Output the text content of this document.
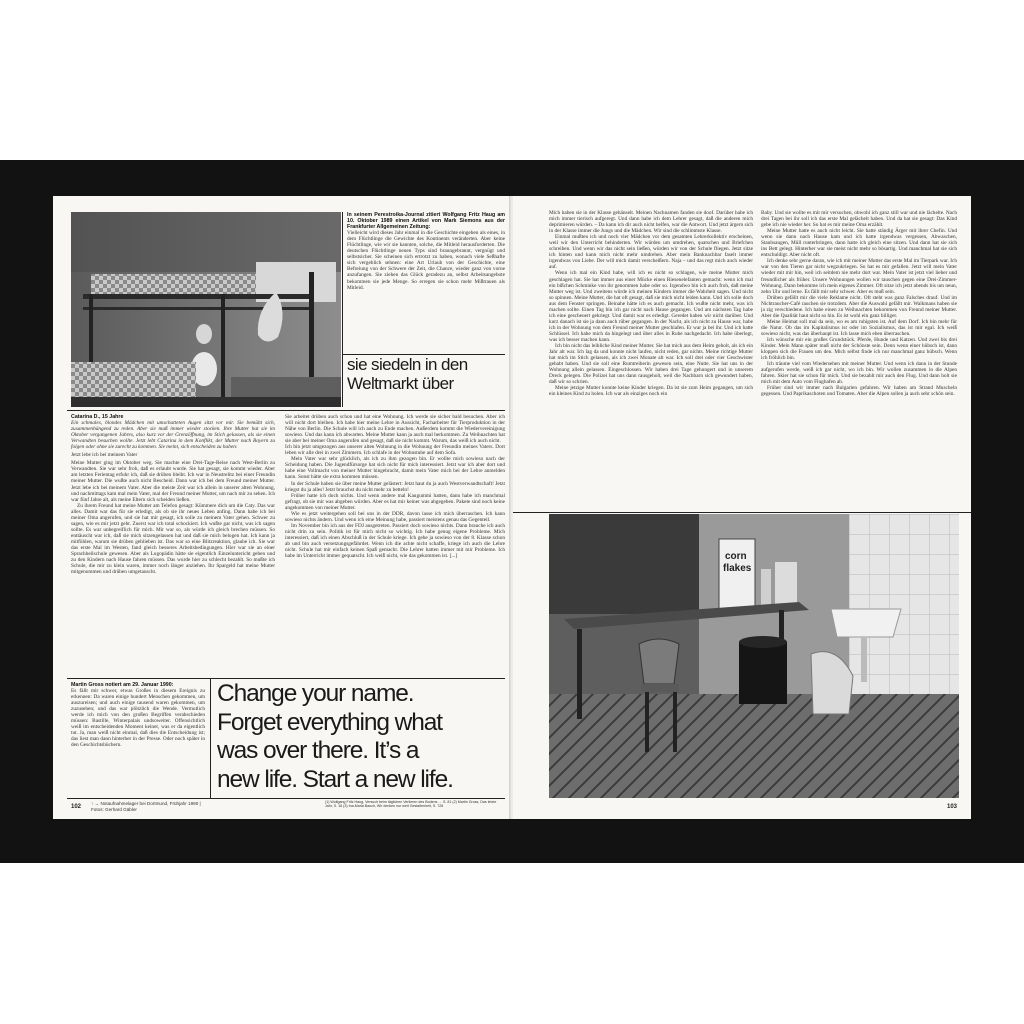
In seinem Perestroika-Journal zitiert Wolfgang Fritz Haug am 10. Oktober 1989 einen Artikel von Mark Siemons aus der Frankfurter Allgemeinen Zeitung:

Vielleicht wird dieses Jahr einmal in die Geschichte eingehen als eines, in dem Flüchtlinge die Gewichte des Kontinents veränderten. Aber keine Flüchtlinge, wie wir sie kannten, solche, die Mitleid herausforderten. Die deutschen Flüchtlinge neuen Typs sind braungebrannt, vergnügt und selbstsicher. Sie scheinen sich ertrotzt zu haben, wonach viele Seßhafte sich vergeblich sehnen: eine Art Urlaub von der Geschichte, eine Befreiung von der Schwere der Zeit, die Chance, wieder ganz von vorne anzufangen. Sie ziehen das Glück geradezu an, selbst Arbeitsangebote bekommen sie jede Menge. So erregen sie schon mehr Mißtrauen als Mitleid.

sie siedeln in den Weltmarkt über

Catarina D., 15 Jahre

Ein schmales, blondes Mädchen mit umschatteten Augen sitzt vor mir. Sie bemüht sich, zusammenhängend zu reden. Aber sie muß immer wieder stocken. Ihre Mutter hat sie im Oktober vergangenen Jahres, also kurz vor der Grenzöffnung, im Stich gelassen, als sie einen Verwandten besuchen wollte. Jetzt lebt Catarina in dem Konflikt, der Mutter nach Bayern zu folgen oder ohne sie zurecht zu kommen. Sie meint, sich entscheiden zu haben:

Jetzt lebe ich bei meinem Vater

Meine Mutter ging im Oktober weg. Sie machte eine Drei-Tage-Reise nach West-Berlin zu Verwandten. Sie war sehr froh, daß es erlaubt wurde. Sie hat gesagt, sie kommt wieder. Aber am letzten Ferientag erfuhr ich, daß sie drüben bleibt. Ich war in Neustrelitz bei einer Freundin meiner Mutter. Die wußte auch nicht Bescheid. Dann war ich bei dem Freund meiner Mutter. Jetzt lebe ich bei meinem Vater. Aber die meiste Zeit war ich allein in unserer alten Wohnung, und nachmittags kam mal mein Vater, mal der Freund meiner Mutter, um nach mir zu sehen. Ich war fünf Jahre alt, als meine Eltern sich scheiden ließen.

Zu ihrem Freund hat meine Mutter am Telefon gesagt: Kümmere dich um die Caty. Das war alles. Damit war das für sie erledigt, als ob sie ihr neues Leben anfing. Dann habe ich bei meiner Oma angerufen, und sie hat mir gesagt, ich solle zu meinem Vater gehen. Schwer zu sagen, wie es mir jetzt geht. Zuerst war ich total schockiert. Ich wußte gar nicht, was ich sagen sollte. Es war unbegreiflich für mich. Mir war so, als würde ich gleich brechen müssen. So enttäuscht war ich, daß sie mich sitzengelassen hat und daß sie mich belogen hat. Ich kann ja mitfühlen, warum sie drüben geblieben ist. Das war so eine Blitzreaktion, glaube ich. Sie war das erste Mal im Westen, fand gleich besseres Arbeitsbedingungen. Hier war sie an einer Sprachheilschule gewesen. Aber als Logopädin hätte sie eigentlich Einzeluntericht geben und zu den Kindern nach Hause fahren müssen. Das wurde hier zu schlecht bezahlt. So mußte ich Schule, die mir zu klein waren, immer noch länger anziehen. Ihr Spargeld hat meine Mutter mitgenommen und drüben umgetauscht.

Sie arbeitet drüben auch schon und hat eine Wohnung. Ich werde sie sicher bald besuchen. Aber ich will nicht dort bleiben. Ich habe hier meine Lehre in Aussicht, Facharbeiter für Tierproduktion in der Nähe von Berlin. Die Schule will ich auch zu Ende machen. Außerdem kommt die Wiedervereinigung sowieso. Und das kann ich abwarten. Meine Mutter kann ja auch mal herkommen. Zu Weihnachten hat sie aber bei meiner Oma angerufen und gesagt, daß sie nicht kommt. Warum, das weiß ich auch nicht.

Ich bin jetzt umgezogen aus unserer alten Wohnung in die Wohnung der Freundin meines Vaters. Dort leben wir alle drei in zwei Zimmern. Ich schlafe in der Wohnstube auf dem Sofa.

Mein Vater war sehr glücklich, als ich zu ihm gezogen bin. Er wollte mich sowieso nach der Scheidung haben. Die Jugendfürsorge hat sich nicht für mich interessiert. Jetzt war ich aber dort und habe eine Vollmacht von meiner Mutter hingebracht, damit mein Vater mich bei der Lehre anmelden kann. Sonst hätte sie extra kommen müssen.

In der Schule haben sie über meine Mutter gelästert: Jetzt haut du ja auch Westverwandtschaft! Jetzt kriegst du ja alles! Jetzt brauchst du nicht mehr zu betteln!

Früher hatte ich doch nichts. Und wenn andere mal Kaugummi hatten, dann habe ich manchmal gefragt, ob sie mir was abgeben würden. Aber es hat mir keiner was abgegeben. Pakete sind noch keine angekommen von meiner Mutter.

Wie es jetzt weitergehen soll bei uns in der DDR, davon lasse ich mich überraschen. Ich kann sowieso nichts ändern. Und wenn ich eine Meinung habe, passiert meistens genau das Gegenteil.

Im November bin ich aus der FDJ ausgetreten. Passiert doch sowieso nichts. Dann brauche ich auch nicht drin zu sein. Politik ist für mich nicht so wichtig. Ich habe genug eigene Probleme. Mich interessiert, daß ich einen Abschluß in der Schule kriege. Ich gehe ja sowieso von der 8. Klasse schon ab und bin auch versetzungsgefährdet. Wenn ich die achte nicht schaffe, kriege ich auch die Lehre nicht. Schule hat mir einfach keinen Spaß gemacht. Die Lehrer hatten immer mit mir Probleme. Ich habe im Unterricht immer gequatscht. Ich weiß nicht, wie das gekommen ist. [...]

Martin Gross notiert am 29. Januar 1990:

Es fällt mir schwer, etwas Großes in diesem Ereignis zu erkennen: Da waren einige hundert Menschen gekommen, um auszureisen; und auch einige tausend waren gekommen, um zuzusehen; und das war plötzlich die Wende. Vermutlich werde ich mich von den großen Begriffen verabschieden müssen: Bastille, Winterpalais undsoweiter. Offensichtlich weiß im entscheidenden Moment keiner, was er da eigentlich tut. Ja, man weiß nicht einmal, daß dies die Entscheidung ist; das liest man dann hinterher in der Presse. Oder noch später in den Geschichtsbüchern.

Change your name.
Forget everything what
was over there. It’s a
new life. Start a new life.
102
↑ → Notaufnahmelager bei Dortmund, Frühjahr 1990 | Fotos: Gerhard Gäbler
(1) Wolfgang Fritz Haug, Versuch beim täglichen Verlieren des Bodens … S. 81 (2) Martin Gross, Das letzte Jahr, S. 16 (3) Ina-Maria Bauch, Wir denken nur weit Gestaltenheit, S. 728

Mich haben sie in der Klasse gehänselt. Meinen Nachnamen fanden sie doof. Darüber habe ich mich immer tierisch aufgeregt. Und dann habe ich dem Lehrer gesagt, daß die anderen mich deprimieren würden. – Da kann ich dir auch nicht helfen, war die Antwort. Und jetzt ärgern sich in der Klasse immer die Jungs und die Mädchen. Wir sind die schlimmste Klasse.

Einmal mußten ich und noch vier Mädchen vor dem gesamten Lehrerkollektiv erscheinen, weil wir den Unterricht behinderten. Wir würden um umdrehen, quatschen und Briefchen schreiben. Und wenn wir das nicht sein ließen, würden wir von der Schule fliegen. Jetzt sitze ich hinten und kann mich nicht mehr umdrehen. Aber mein Banknachbar faselt immer irgendwas von Liebe. Der will mich damit verscheißern. Naja – und das regt mich auch wieder auf.

Wenn ich mal ein Kind habe, will ich es nicht so schlagen, wie meine Mutter mich geschlagen hat. Sie hat immer aus einer Mücke einen Riesenelefanten gemacht: wenn ich mal ein bißchen Schminke von ihr genommen habe oder so. Irgendwo bin ich auch froh, daß meine Mutter weg ist. Und zweitens würde ich meinen Kindern immer die Wahrheit sagen. Und nicht so spinnen. Meine Mutter, die hat oft gesagt, daß sie mich nicht leiden kann. Und ich solle doch aus dem Fenster springen. Beinahe hätte ich es auch gemacht. Ich wußte nicht mehr, was ich machen sollte. Einen Tag bin ich gar nicht nach Hause gegangen. Und am nächsten Tag habe ich eine gescheuert gekriegt. Und damit war es erledigt. Geredet haben wir nicht darüber. Und kurz danach ist sie ja dann auch rüber gegangen. In der Nacht, als ich nicht zu Hause war, habe ich in der Wohnung von dem Freund meiner Mutter geschlafen. Er war ja bei ihr. Und ich hatte Schlüssel. Ich habe mich da hingelegt und über alles in Ruhe nachgedacht. Ich habe überlegt, was ich besser machen kann.

Ich bin nicht das leibliche Kind meiner Mutter. Sie hat mich aus dem Heim geholt, als ich ein Jahr alt war. Ich lag da und konnte nicht laufen, nicht reden, gar nichts. Meine richtige Mutter hat mich im Stich gelassen, als ich zwei Monate alt war. Ich soll drei oder vier Geschwister gehabt haben. Und sie soll eine Rumtreiberin gewesen sein, eine Nutte. Sie hat uns in der Wohnung allein gelassen. Eingeschlossen. Wir haben drei Tage gehungert und in unserem Dreck gelegen. Die Polizei hat uns dann rausgeholt, weil die Nachbarn sich gewundert haben, daß wir so schrien.

Meine jetzige Mutter konnte keine Kinder kriegen. Da ist sie zum Heim gegangen, um sich ein kleines Kind zu holen. Ich war als einziges noch ein

Baby. Und sie wollte es mit mir versuchen, obwohl ich ganz still war und nie lächelte. Nach drei Tagen bei ihr soll ich das erste Mal gelächelt haben. Und da hat sie gesagt: Das Kind gebe ich nie wieder her. So hat es mir meine Oma erzählt.

Meine Mutter hatte es auch nicht leicht. Sie hatte ständig Ärger mit ihrer Chefin. Und wenn sie dann nach Hause kam und ich hatte irgendwas vergessen, Abwaschen, Staubsaugen, Müll runterbringen, dann hatte ich gleich eine sitzen. Und dann hat sie sich ins Bett gelegt. Hinterher war sie meist nicht mehr so bösartig. Und manchmal hat sie sich entschuldigt. Aber nicht oft.

Ich denke sehr gerne daran, wie ich mit meiner Mutter das erste Mal im Tierpark war. Ich war von den Tieren gar nicht wegzukriegen. So hat es mir gefallen. Jetzt will mein Vater wieder mit mir hin, weil ich seitdem nie mehr dort war. Mein Vater ist jetzt viel lieber und freundlicher als früher. Unsere Wohnungen wollen wir tauschen gegen eine Drei-Zimmer-Wohnung. Dann bekomme ich mein eigenes Zimmer. Oft sitze ich jetzt abends bis um neun, zehn Uhr und lerne. Es fällt mir sehr schwer. Aber es muß sein.

Drüben gefällt mir die viele Reklame nicht. Oft steht was ganz Falsches drauf. Und im Nichtraucher-Café rauchen sie trotzdem. Aber die Auswahl gefällt mir. Walkmans haben sie ja zig verschiedene. Ich habe einen zu Weihnachten bekommen von Freund meiner Mutter. Aber die Qualität haut nicht so hin. Es ist wohl ein ganz billiger.

Meine Heimat soll mal da sein, wo es am ruhigsten ist. Auf dem Dorf. Ich bin mehr für die Natur. Ob das im Kapitalismus ist oder im Sozialismus, das ist mir egal. Ich weiß sowieso nicht, was das überhaupt ist. Ich lasse mich eben überraschen.

Ich wünsche mir ein großes Grundstück. Pferde, Hunde und Katzen. Und zwei bis drei Kinder. Mein Mann später muß nicht der Schönste sein. Denn wenn einer hübsch ist, dann kloppen sich die Frauen um den. Mich selbst finde ich nur manchmal ganz hübsch. Wenn ich fröhlich bin.

Ich träume viel vom Wiedersehen mit meiner Mutter. Und wenn ich dann in der Stunde aufgerufen werde, weiß ich gar nicht, wo ich bin. Wir wollen zusammen in die Alpen fahren. Skier hat sie schon für mich. Und sie bezahlt mir auch den Flug. Und dann holt sie mich mit dem Auto vom Flughafen ab.

Früher sind wir immer nach Bulgarien gefahren. Wir haben am Strand Muscheln gegessen. Und Paprikaschoten und Tomaten. Aber die Alpen sollen ja auch sehr schön sein.

corn
flakes
103
